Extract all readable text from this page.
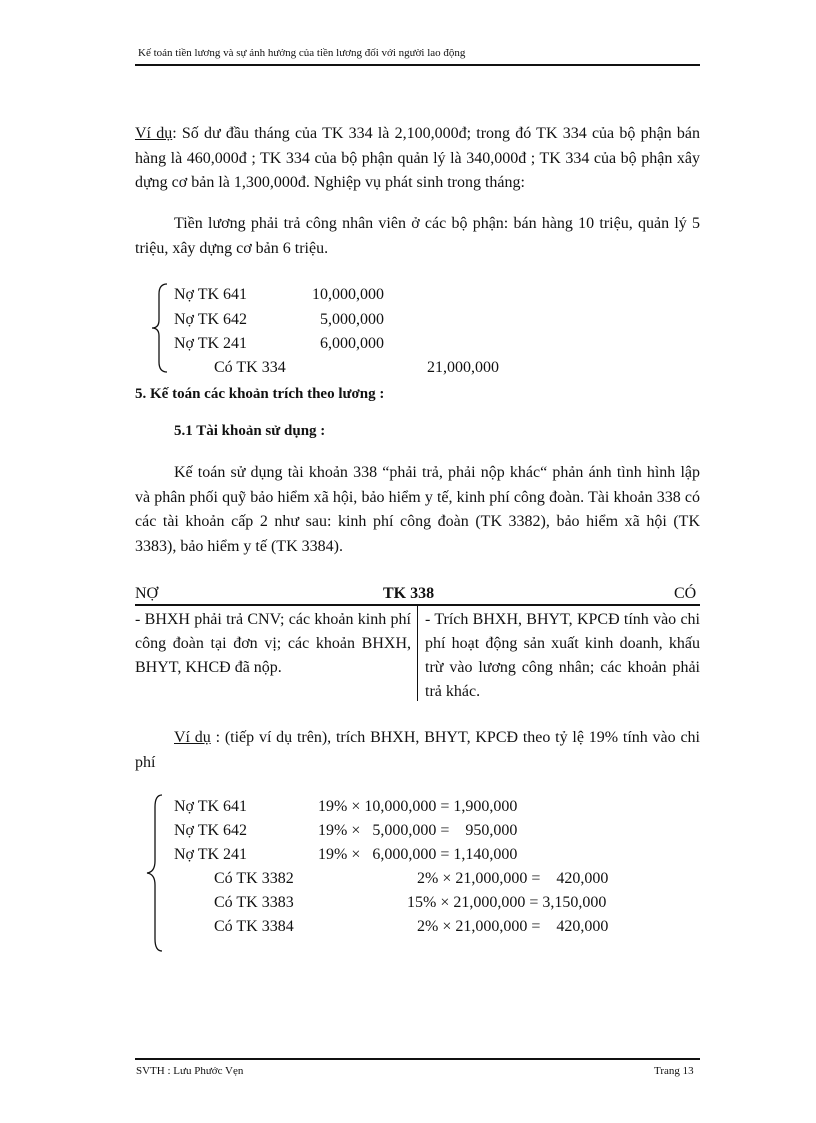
Kế toán tiền lương và sự ảnh hưởng của tiền lương đối với người lao động
Ví dụ: Số dư đầu tháng của TK 334 là 2,100,000đ; trong đó TK 334 của bộ phận bán hàng là 460,000đ ; TK 334 của bộ phận quản lý là 340,000đ ; TK 334 của bộ phận xây dựng cơ bản là 1,300,000đ. Nghiệp vụ phát sinh trong tháng:
Tiền lương phải trả công nhân viên ở các bộ phận: bán hàng 10 triệu, quản lý 5 triệu, xây dựng cơ bản 6 triệu.
Nợ TK 641	10,000,000
Nợ TK 642	5,000,000
Nợ TK 241	6,000,000
Có TK 334	21,000,000
5. Kế toán các khoản trích theo lương :
5.1 Tài khoản sử dụng :
Kế toán sử dụng tài khoản 338 “phải trả, phải nộp khác“ phản ánh tình hình lập và phân phối quỹ bảo hiểm xã hội, bảo hiểm y tế, kinh phí công đoàn. Tài khoản 338 có các tài khoản cấp 2 như sau: kinh phí công đoàn (TK 3382), bảo hiểm xã hội (TK 3383), bảo hiểm y tế (TK 3384).
NỢ	TK 338	CÓ
- BHXH phải trả CNV; các khoản kinh phí công đoàn tại đơn vị; các khoản BHXH, BHYT, KHCĐ đã nộp.
- Trích BHXH, BHYT, KPCĐ tính vào chi phí hoạt động sản xuất kinh doanh, khấu trừ vào lương công nhân; các khoản phải trả khác.
Ví dụ : (tiếp ví dụ trên), trích BHXH, BHYT, KPCĐ theo tỷ lệ 19% tính vào chi phí
Nợ TK 641	19% × 10,000,000 = 1,900,000
Nợ TK 642	19% ×   5,000,000 =    950,000
Nợ TK 241	19% ×   6,000,000 = 1,140,000
Có TK 3382	2% × 21,000,000 =    420,000
Có TK 3383	15% × 21,000,000 = 3,150,000
Có TK 3384	2% × 21,000,000 =    420,000
SVTH : Lưu Phước Vẹn	Trang 13
